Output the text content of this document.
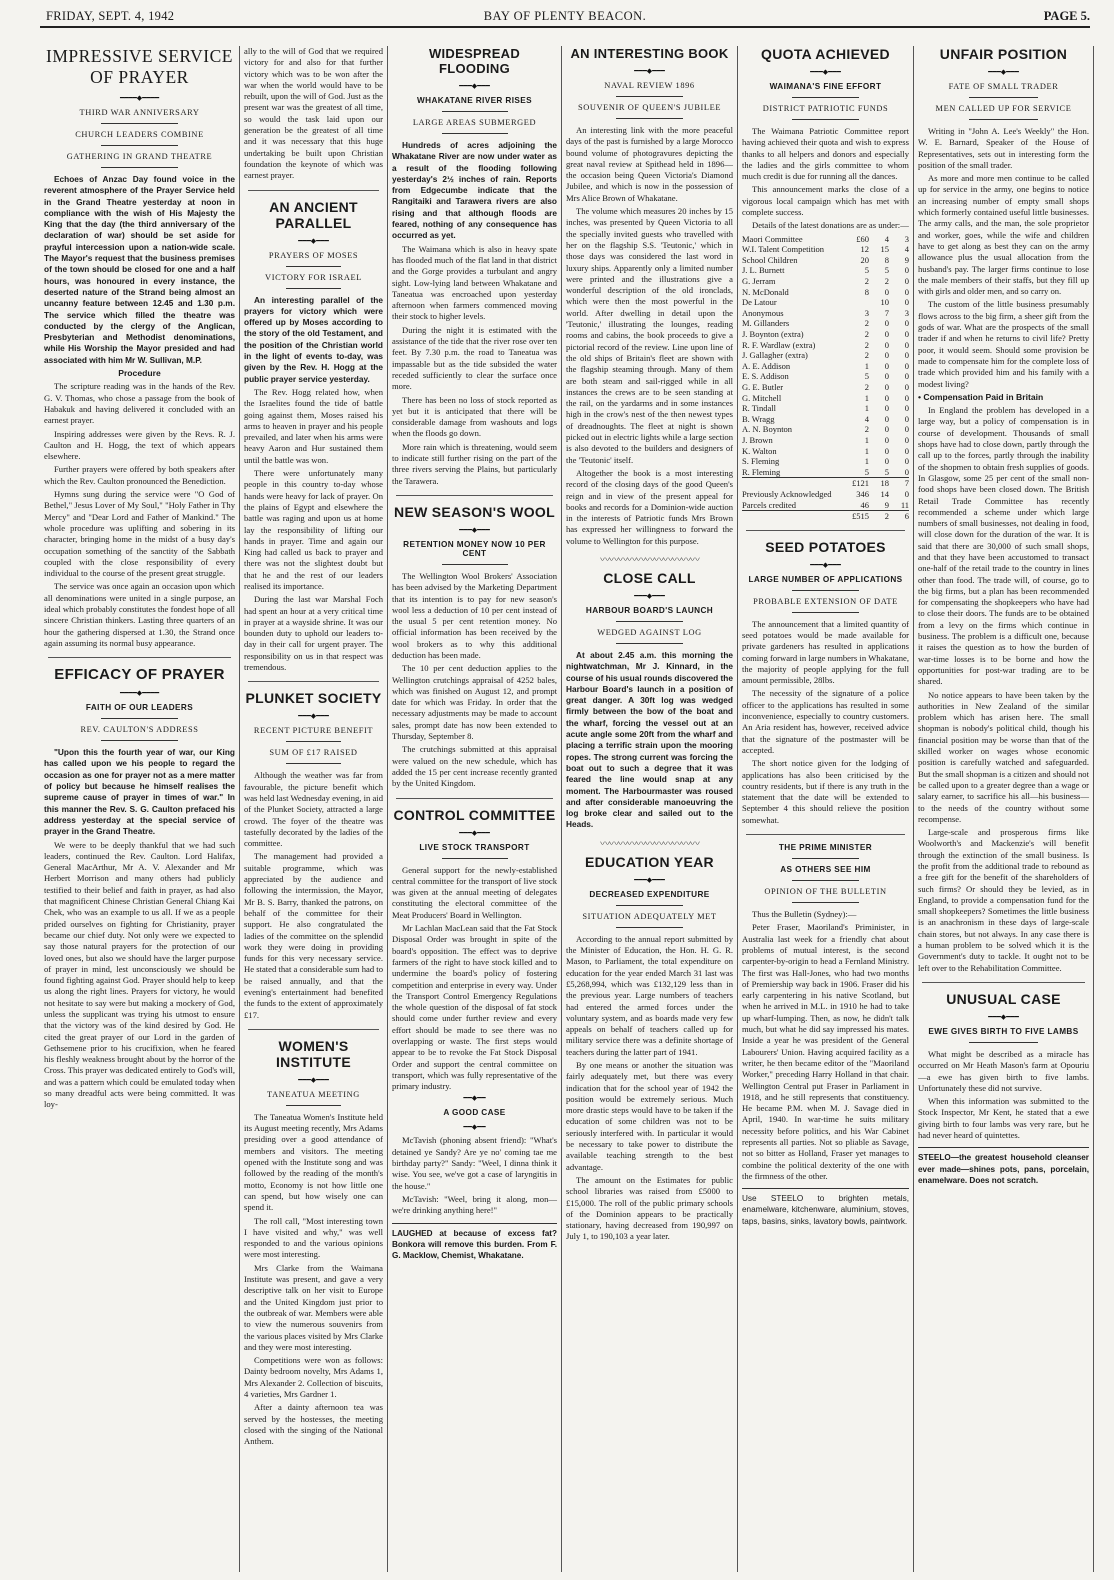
FRIDAY, SEPT. 4, 1942	BAY OF PLENTY BEACON.	PAGE 5.
IMPRESSIVE SERVICE OF PRAYER
━━━━◆━━━━
THIRD WAR ANNIVERSARY
CHURCH LEADERS COMBINE
GATHERING IN GRAND THEATRE

Echoes of Anzac Day found voice in the reverent atmosphere of the Prayer Service held in the Grand Theatre yesterday at noon in compliance with the wish of His Majesty the King that the day (the third anniversary of the declaration of war) should be set aside for prayful intercession upon a nation-wide scale. The Mayor's request that the business premises of the town should be closed for one and a half hours, was honoured in every instance, the deserted nature of the Strand being almost an uncanny feature between 12.45 and 1.30 p.m. The service which filled the theatre was conducted by the clergy of the Anglican, Presbyterian and Methodist denominations, while His Worship the Mayor presided and had associated with him Mr W. Sullivan, M.P.

Procedure

The scripture reading was in the hands of the Rev. G. V. Thomas, who chose a passage from the book of Habakuk and having delivered it concluded with an earnest prayer.

Inspiring addresses were given by the Revs. R. J. Caulton and H. Hogg, the text of which appears elsewhere.

Further prayers were offered by both speakers after which the Rev. Caulton pronounced the Benediction.

Hymns sung during the service were "O God of Bethel," Jesus Lover of My Soul," "Holy Father in Thy Mercy" and "Dear Lord and Father of Mankind." The whole procedure was uplifting and sobering in its character, bringing home in the midst of a busy day's occupation something of the sanctity of the Sabbath coupled with the close responsibility of every individual to the course of the present great struggle.

The service was once again an occasion upon which all denominations were united in a single purpose, an ideal which probably constitutes the fondest hope of all sincere Christian thinkers. Lasting three quarters of an hour the gathering dispersed at 1.30, the Strand once again assuming its normal busy appearance.

EFFICACY OF PRAYER
━━━━◆━━━━
FAITH OF OUR LEADERS
REV. CAULTON'S ADDRESS

"Upon this the fourth year of war, our King has called upon we his people to regard the occasion as one for prayer not as a mere matter of policy but because he himself realises the supreme cause of prayer in times of war." In this manner the Rev. S. G. Caulton prefaced his address yesterday at the special service of prayer in the Grand Theatre.

We were to be deeply thankful that we had such leaders, continued the Rev. Caulton. Lord Halifax, General MacArthur, Mr A. V. Alexander and Mr Herbert Morrison and many others had publicly testified to their belief and faith in prayer, as had also that magnificent Chinese Christian General Chiang Kai Chek, who was an example to us all. If we as a people prided ourselves on fighting for Christianity, prayer became our chief duty. Not only were we expected to say those natural prayers for the protection of our loved ones, but also we should have the larger purpose of prayer in mind, lest unconsciously we should be found fighting against God. Prayer should help to keep us along the right lines. Prayers for victory, he would not hesitate to say were but making a mockery of God, unless the supplicant was trying his utmost to ensure that the victory was of the kind desired by God. He cited the great prayer of our Lord in the garden of Gethsemene prior to his crucifixion, when he feared his fleshly weakness brought about by the horror of the Cross. This prayer was dedicated entirely to God's will, and was a pattern which could be emulated today when so many dreadful acts were being committed. It was loy-

ally to the will of God that we required victory for and also for that further victory which was to be won after the war when the world would have to be rebuilt, upon the will of God. Just as the present war was the greatest of all time, so would the task laid upon our generation be the greatest of all time and it was necessary that this huge undertaking be built upon Christian foundation the keynote of which was earnest prayer.

AN ANCIENT PARALLEL
━━━◆━━━
PRAYERS OF MOSES
VICTORY FOR ISRAEL

An interesting parallel of the prayers for victory which were offered up by Moses according to the story of the old Testament, and the position of the Christian world in the light of events to-day, was given by the Rev. H. Hogg at the public prayer service yesterday.

The Rev. Hogg related how, when the Israelites found the tide of battle going against them, Moses raised his arms to heaven in prayer and his people prevailed, and later when his arms were heavy Aaron and Hur sustained them until the battle was won.

There were unfortunately many people in this country to-day whose hands were heavy for lack of prayer. On the plains of Egypt and elsewhere the battle was raging and upon us at home lay the responsibility of lifting our hands in prayer. Time and again our King had called us back to prayer and there was not the slightest doubt but that he and the rest of our leaders realised its importance.

During the last war Marshal Foch had spent an hour at a very critical time in prayer at a wayside shrine. It was our bounden duty to uphold our leaders to-day in their call for urgent prayer. The responsibility on us in that respect was tremendous.

PLUNKET SOCIETY
━━━◆━━━
RECENT PICTURE BENEFIT
SUM OF £17 RAISED

Although the weather was far from favourable, the picture benefit which was held last Wednesday evening, in aid of the Plunket Society, attracted a large crowd. The foyer of the theatre was tastefully decorated by the ladies of the committee.

The management had provided a suitable programme, which was appreciated by the audience and following the intermission, the Mayor, Mr B. S. Barry, thanked the patrons, on behalf of the committee for their support. He also congratulated the ladies of the committee on the splendid work they were doing in providing funds for this very necessary service. He stated that a considerable sum had to be raised annually, and that the evening's entertainment had benefited the funds to the extent of approximately £17.

WOMEN'S INSTITUTE
━━━◆━━━
TANEATUA MEETING

The Taneatua Women's Institute held its August meeting recently, Mrs Adams presiding over a good attendance of members and visitors. The meeting opened with the Institute song and was followed by the reading of the month's motto, Economy is not how little one can spend, but how wisely one can spend it.

The roll call, "Most interesting town I have visited and why," was well responded to and the various opinions were most interesting.

Mrs Clarke from the Waimana Institute was present, and gave a very descriptive talk on her visit to Europe and the United Kingdom just prior to the outbreak of war. Members were able to view the numerous souvenirs from the various places visited by Mrs Clarke and they were most interesting.

Competitions were won as follows: Dainty bedroom novelty, Mrs Adams 1, Mrs Alexander 2. Collection of biscuits, 4 varieties, Mrs Gardner 1.

After a dainty afternoon tea was served by the hostesses, the meeting closed with the singing of the National Anthem.

WIDESPREAD FLOODING
━━━◆━━━
WHAKATANE RIVER RISES
LARGE AREAS SUBMERGED

Hundreds of acres adjoining the Whakatane River are now under water as a result of the flooding following yesterday's 2½ inches of rain. Reports from Edgecumbe indicate that the Rangitaiki and Tarawera rivers are also rising and that although floods are feared, nothing of any consequence has occurred as yet.

The Waimana which is also in heavy spate has flooded much of the flat land in that district and the Gorge provides a turbulant and angry sight. Low-lying land between Whakatane and Taneatua was encroached upon yesterday afternoon when farmers commenced moving their stock to higher levels.

During the night it is estimated with the assistance of the tide that the river rose over ten feet. By 7.30 p.m. the road to Taneatua was impassable but as the tide subsided the water receded sufficiently to clear the surface once more.

There has been no loss of stock reported as yet but it is anticipated that there will be considerable damage from washouts and logs when the floods go down.

More rain which is threatening, would seem to indicate still further rising on the part of the three rivers serving the Plains, but particularly the Tarawera.

NEW SEASON'S WOOL
━━━◆━━━
RETENTION MONEY NOW 10 PER CENT

The Wellington Wool Brokers' Association has been advised by the Marketing Department that its intention is to pay for new season's wool less a deduction of 10 per cent instead of the usual 5 per cent retention money. No official information has been received by the wool brokers as to why this additional deduction has been made.

The 10 per cent deduction applies to the Wellington crutchings appraisal of 4252 bales, which was finished on August 12, and prompt date for which was Friday. In order that the necessary adjustments may be made to account sales, prompt date has now been extended to Thursday, September 8.

The crutchings submitted at this appraisal were valued on the new schedule, which has added the 15 per cent increase recently granted by the United Kingdom.

CONTROL COMMITTEE
━━━◆━━━
LIVE STOCK TRANSPORT

General support for the newly-established central committee for the transport of live stock was given at the annual meeting of delegates constituting the electoral committee of the Meat Producers' Board in Wellington.

Mr Lachlan MacLean said that the Fat Stock Disposal Order was brought in spite of the board's opposition. The effect was to deprive farmers of the right to have stock killed and to undermine the board's policy of fostering competition and enterprise in every way. Under the Transport Control Emergency Regulations the whole question of the disposal of fat stock should come under further review and every effort should be made to see there was no overlapping or waste. The first steps would appear to be to revoke the Fat Stock Disposal Order and support the central committee on transport, which was fully representative of the primary industry.

━━◆━━
A GOOD CASE
━━◆━━

McTavish (phoning absent friend): "What's detained ye Sandy? Are ye no' coming tae me birthday party?" Sandy: "Weel, I dinna think it wise. You see, we've got a case of laryngitis in the house."

McTavish: "Weel, bring it along, mon—we're drinking anything here!"

LAUGHED at because of excess fat? Bonkora will remove this burden. From F. G. Macklow, Chemist, Whakatane.

AN INTERESTING BOOK
━━━◆━━━
NAVAL REVIEW 1896
SOUVENIR OF QUEEN'S JUBILEE

An interesting link with the more peaceful days of the past is furnished by a large Morocco bound volume of photogravures depicting the great naval review at Spithead held in 1896—the occasion being Queen Victoria's Diamond Jubilee, and which is now in the possession of Mrs Alice Brown of Whakatane.

The volume which measures 20 inches by 15 inches, was presented by Queen Victoria to all the specially invited guests who travelled with her on the flagship S.S. 'Teutonic,' which in those days was considered the last word in luxury ships. Apparently only a limited number were printed and the illustrations give a wonderful description of the old ironclads, which were then the most powerful in the world. After dwelling in detail upon the 'Teutonic,' illustrating the lounges, reading rooms and cabins, the book proceeds to give a pictorial record of the review. Line upon line of the old ships of Britain's fleet are shown with the flagship steaming through. Many of them are both steam and sail-rigged while in all instances the crews are to be seen standing at the rail, on the yardarms and in some instances high in the crow's nest of the then newest types of dreadnoughts. The fleet at night is shown picked out in electric lights while a large section is also devoted to the builders and designers of the 'Teutonic' itself.

Altogether the book is a most interesting record of the closing days of the good Queen's reign and in view of the present appeal for books and records for a Dominion-wide auction in the interests of Patriotic funds Mrs Brown has expressed her willingness to forward the volume to Wellington for this purpose.

〰〰〰〰〰〰〰〰〰〰〰
CLOSE CALL
━━━◆━━━
HARBOUR BOARD'S LAUNCH
WEDGED AGAINST LOG

At about 2.45 a.m. this morning the nightwatchman, Mr J. Kinnard, in the course of his usual rounds discovered the Harbour Board's launch in a position of great danger. A 30ft log was wedged firmly between the bow of the boat and the wharf, forcing the vessel out at an acute angle some 20ft from the wharf and placing a terrific strain upon the mooring ropes. The strong current was forcing the boat out to such a degree that it was feared the line would snap at any moment. The Harbourmaster was roused and after considerable manoeuvring the log broke clear and sailed out to the Heads.

〰〰〰〰〰〰〰〰〰〰〰
EDUCATION YEAR
━━━◆━━━
DECREASED EXPENDITURE
SITUATION ADEQUATELY MET

According to the annual report submitted by the Minister of Education, the Hon. H. G. R. Mason, to Parliament, the total expenditure on education for the year ended March 31 last was £5,268,994, which was £132,129 less than in the previous year. Large numbers of teachers had entered the armed forces under the voluntary system, and as boards made very few appeals on behalf of teachers called up for military service there was a definite shortage of teachers during the latter part of 1941.

By one means or another the situation was fairly adequately met, but there was every indication that for the school year of 1942 the position would be extremely serious. Much more drastic steps would have to be taken if the education of some children was not to be seriously interfered with. In particular it would be necessary to take power to distribute the available teaching strength to the best advantage.

The amount on the Estimates for public school libraries was raised from £5000 to £15,000. The roll of the public primary schools of the Dominion appears to be practically stationary, having decreased from 190,997 on July 1, to 190,103 a year later.

QUOTA ACHIEVED
━━━◆━━━
WAIMANA'S FINE EFFORT
DISTRICT PATRIOTIC FUNDS

The Waimana Patriotic Committee report having achieved their quota and wish to express thanks to all helpers and donors and especially the ladies and the girls committee to whom much credit is due for running all the dances.

This announcement marks the close of a vigorous local campaign which has met with complete success.

Details of the latest donations are as under:—

Maori Committee	£60	4	3
W.I. Talent Competition	12	15	4
School Children	20	8	9
J. L. Burnett	5	5	0
G. Jerram	2	2	0
N. McDonald	8	0	0
De Latour		10	0
Anonymous	3	7	3
M. Gillanders	2	0	0
J. Boynton (extra)	2	0	0
R. F. Wardlaw (extra)	2	0	0
J. Gallagher (extra)	2	0	0
A. E. Addison	1	0	0
E. S. Addison	5	0	0
G. E. Butler	2	0	0
G. Mitchell	1	0	0
R. Tindall	1	0	0
B. Wragg	4	0	0
A. N. Boynton	2	0	0
J. Brown	1	0	0
K. Walton	1	0	0
S. Fleming	1	0	0
R. Fleming	5	5	0
	£121	18	7
Previously Acknowledged	346	14	0
Parcels credited	46	9	11
	£515	2	6
SEED POTATOES
━━━◆━━━
LARGE NUMBER OF APPLICATIONS
PROBABLE EXTENSION OF DATE

The announcement that a limited quantity of seed potatoes would be made available for private gardeners has resulted in applications coming forward in large numbers in Whakatane, the majority of people applying for the full amount permissible, 28lbs.

The necessity of the signature of a police officer to the applications has resulted in some inconvenience, especially to country customers. An Aria resident has, however, received advice that the signature of the postmaster will be accepted.

The short notice given for the lodging of applications has also been criticised by the country residents, but if there is any truth in the statement that the date will be extended to September 4 this should relieve the position somewhat.

THE PRIME MINISTER
AS OTHERS SEE HIM
OPINION OF THE BULLETIN

Thus the Bulletin (Sydney):—

Peter Fraser, Maoriland's Priminister, in Australia last week for a friendly chat about problems of mutual interest, is the second carpenter-by-origin to head a Fernland Ministry. The first was Hall-Jones, who had two months of Premiership way back in 1906. Fraser did his early carpentering in his native Scotland, but when he arrived in M.L. in 1910 he had to take up wharf-lumping. Then, as now, he didn't talk much, but what he did say impressed his mates. Inside a year he was president of the General Labourers' Union. Having acquired facility as a writer, he then became editor of the "Maoriland Worker," preceding Harry Holland in that chair. Wellington Central put Fraser in Parliament in 1918, and he still represents that constituency. He became P.M. when M. J. Savage died in April, 1940. In war-time he suits military necessity before politics, and his War Cabinet represents all parties. Not so pliable as Savage, not so bitter as Holland, Fraser yet manages to combine the political dexterity of the one with the firmness of the other.

Use STEELO to brighten metals, enamelware, kitchenware, aluminium, stoves, taps, basins, sinks, lavatory bowls, paintwork.

UNFAIR POSITION
━━━◆━━━
FATE OF SMALL TRADER
MEN CALLED UP FOR SERVICE

Writing in "John A. Lee's Weekly" the Hon. W. E. Barnard, Speaker of the House of Representatives, sets out in interesting form the position of the small trader.

As more and more men continue to be called up for service in the army, one begins to notice an increasing number of empty small shops which formerly contained useful little businesses. The army calls, and the man, the sole proprietor and worker, goes, while the wife and children have to get along as best they can on the army allowance plus the usual allocation from the husband's pay. The larger firms continue to lose the male members of their staffs, but they fill up with girls and older men, and so carry on.

The custom of the little business presumably flows across to the big firm, a sheer gift from the gods of war. What are the prospects of the small trader if and when he returns to civil life? Pretty poor, it would seem. Should some provision be made to compensate him for the complete loss of trade which provided him and his family with a modest living?

• Compensation Paid in Britain

In England the problem has developed in a large way, but a policy of compensation is in course of development. Thousands of small shops have had to close down, partly through the call up to the forces, partly through the inability of the shopmen to obtain fresh supplies of goods. In Glasgow, some 25 per cent of the small non-food shops have been closed down. The British Retail Trade Committee has recently recommended a scheme under which large numbers of small businesses, not dealing in food, will close down for the duration of the war. It is said that there are 30,000 of such small shops, and that they have been accustomed to transact one-half of the retail trade to the country in lines other than food. The trade will, of course, go to the big firms, but a plan has been recommended for compensating the shopkeepers who have had to close their doors. The funds are to be obtained from a levy on the firms which continue in business. The problem is a difficult one, because it raises the question as to how the burden of war-time losses is to be borne and how the opportunities for post-war trading are to be shared.

No notice appears to have been taken by the authorities in New Zealand of the similar problem which has arisen here. The small shopman is nobody's political child, though his financial position may be worse than that of the skilled worker on wages whose economic position is carefully watched and safeguarded. But the small shopman is a citizen and should not be called upon to a greater degree than a wage or salary earner, to sacrifice his all—his business—to the needs of the country without some recompense.

Large-scale and prosperous firms like Woolworth's and Mackenzie's will benefit through the extinction of the small business. Is the profit from the additional trade to rebound as a free gift for the benefit of the shareholders of such firms? Or should they be levied, as in England, to provide a compensation fund for the small shopkeepers? Sometimes the little business is an anachronism in these days of large-scale chain stores, but not always. In any case there is a human problem to be solved which it is the Government's duty to tackle. It ought not to be left over to the Rehabilitation Committee.

UNUSUAL CASE
━━━◆━━━
EWE GIVES BIRTH TO FIVE LAMBS

What might be described as a miracle has occurred on Mr Heath Mason's farm at Opouriu—a ewe has given birth to five lambs. Unfortunately these did not survive.

When this information was submitted to the Stock Inspector, Mr Kent, he stated that a ewe giving birth to four lambs was very rare, but he had never heard of quintettes.

STEELO—the greatest household cleanser ever made—shines pots, pans, porcelain, enamelware. Does not scratch.
